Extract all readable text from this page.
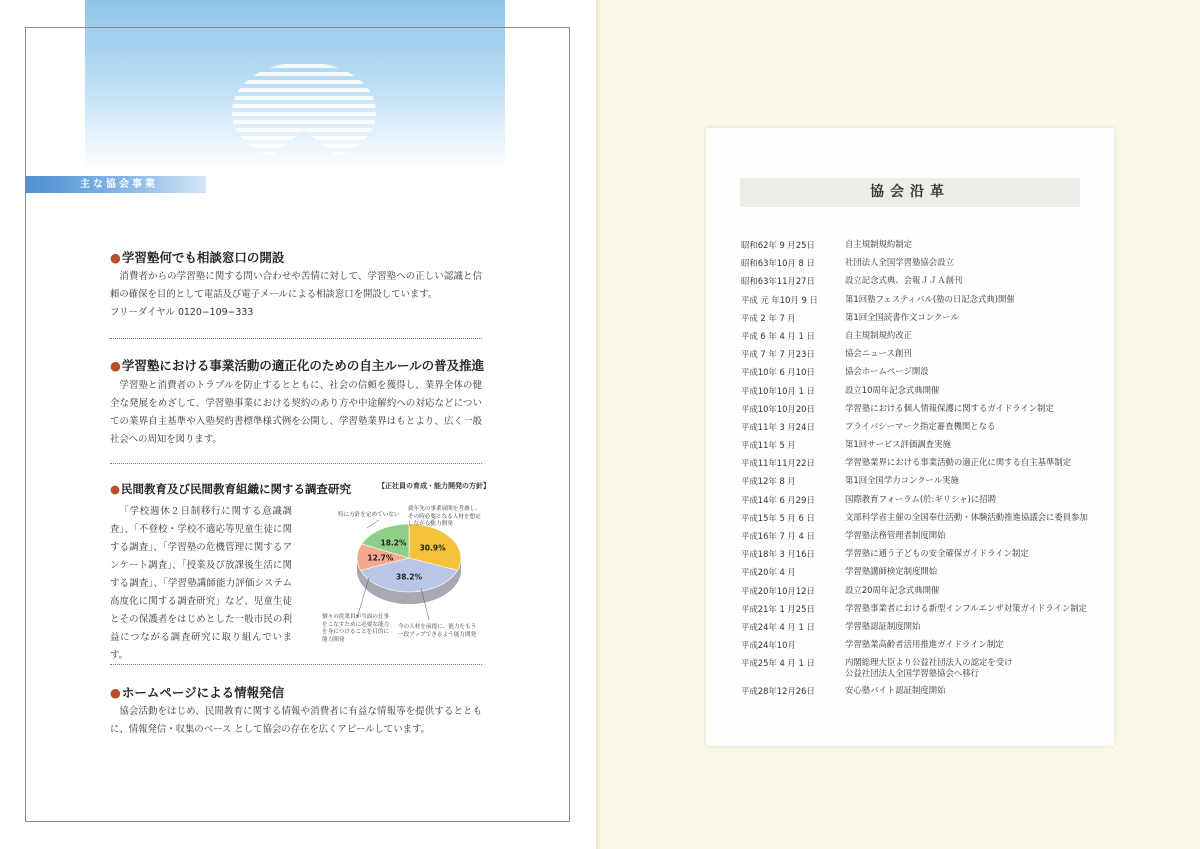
主な協会事業
●学習塾何でも相談窓口の開設

消費者からの学習塾に関する問い合わせや苦情に対して、学習塾への正しい認識と信頼の確保を目的として電話及び電子メールによる相談窓口を開設しています。

フリーダイヤル 0120−109−333

●学習塾における事業活動の適正化のための自主ルールの普及推進

学習塾と消費者のトラブルを防止するとともに、社会の信頼を獲得し、業界全体の健全な発展をめざして、学習塾事業における契約のあり方や中途解約への対応などについての業界自主基準や入塾契約書標準様式例を公開し、学習塾業界はもとより、広く一般社会への周知を図ります。

●民間教育及び民間教育組織に関する調査研究

「学校週休２日制移行に関する意識調査」、「不登校・学校不適応等児童生徒に関する調査」、「学習塾の危機管理に関するアンケート調査」、「授業及び放課後生活に関する調査」、「学習塾講師能力評価システム高度化に関する調査研究」など、児童生徒とその保護者をはじめとした一般市民の利益につながる調査研究に取り組んでいます。

【正社員の育成・能力開発の方針】
30.9%
38.2%
12.7%
18.2%
特に方針を定めていない
就年先の事業展開を考慮し、その時必要となる人材を想定しながら能力開発
個々の従業員が当面の仕事をこなすために必要な能力を身につけることを目的に能力開発
今の人材を前提に、能力をもう一段アップできるよう能力開発
●ホームページによる情報発信

協会活動をはじめ、民間教育に関する情報や消費者に有益な情報等を提供するとともに、情報発信・収集のベース として協会の存在を広くアピールしています。

協会沿革
昭和62年 9 月25日	自主規制規約制定
昭和63年10月 8 日	社団法人全国学習塾協会設立
昭和63年11月27日	設立記念式典、会報ＪＪＡ創刊
平成 元 年10月 9 日	第1回塾フェスティバル(塾の日記念式典)開催
平成 2 年 7 月	第1回全国読書作文コンクール
平成 6 年 4 月 1 日	自主規制規約改正
平成 7 年 7 月23日	協会ニュース創刊
平成10年 6 月10日	協会ホームページ開設
平成10年10月 1 日	設立10周年記念式典開催
平成10年10月20日	学習塾における個人情報保護に関するガイドライン制定
平成11年 3 月24日	プライバシーマーク指定審査機関となる
平成11年 5 月	第1回サービス評価調査実施
平成11年11月22日	学習塾業界における事業活動の適正化に関する自主基準制定
平成12年 8 月	第1回全国学力コンクール実施
平成14年 6 月29日	国際教育フォーラム(於:ギリシャ)に招聘
平成15年 5 月 6 日	文部科学省主催の全国奉仕活動・体験活動推進協議会に委員参加
平成16年 7 月 4 日	学習塾法務管理者制度開始
平成18年 3 月16日	学習塾に通う子どもの安全確保ガイドライン制定
平成20年 4 月	学習塾講師検定制度開始
平成20年10月12日	設立20周年記念式典開催
平成21年 1 月25日	学習塾事業者における新型インフルエンザ対策ガイドライン制定
平成24年 4 月 1 日	学習塾認証制度開始
平成24年10月	学習塾業高齢者活用推進ガイドライン制定
平成25年 4 月 1 日	内閣総理大臣より公益社団法人の認定を受け
公益社団法人全国学習塾協会へ移行
平成28年12月26日	安心塾バイト認証制度開始
